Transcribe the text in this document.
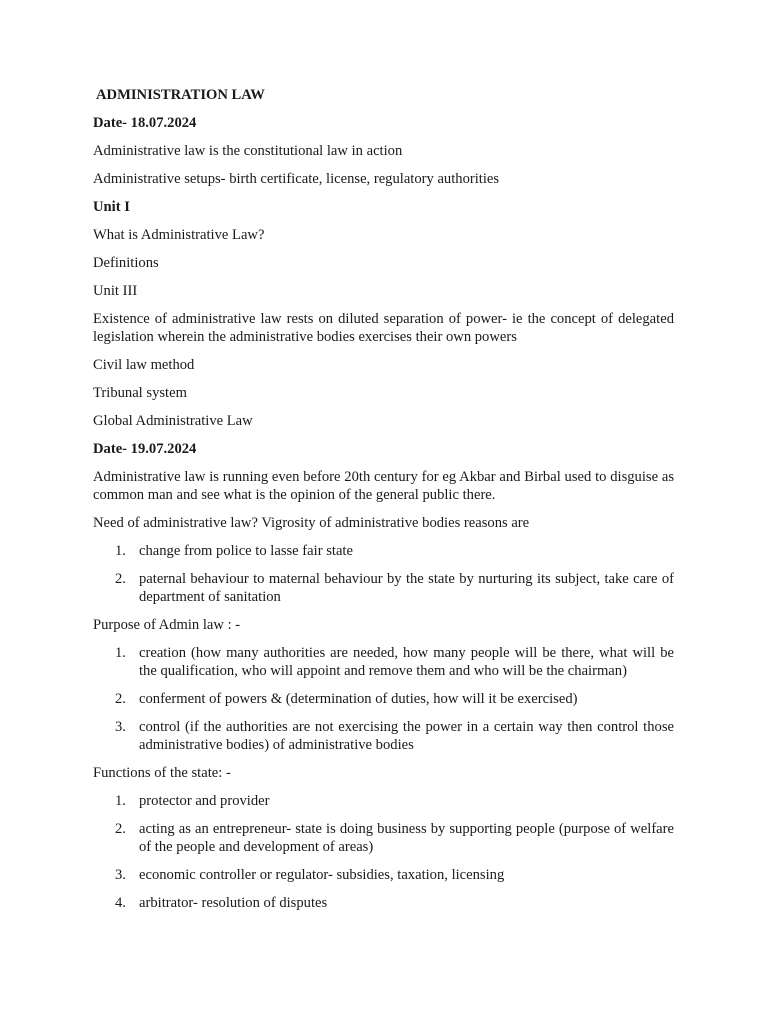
ADMINISTRATION LAW
Date- 18.07.2024
Administrative law is the constitutional law in action
Administrative setups- birth certificate, license, regulatory authorities
Unit I
What is Administrative Law?
Definitions
Unit III
Existence of administrative law rests on diluted separation of power- ie the concept of delegated legislation wherein the administrative bodies exercises their own powers
Civil law method
Tribunal system
Global Administrative Law
Date- 19.07.2024
Administrative law is running even before 20th century for eg Akbar and Birbal used to disguise as common man and see what is the opinion of the general public there.
Need of administrative law? Vigrosity of administrative bodies reasons are
1. change from police to lasse fair state
2. paternal behaviour to maternal behaviour by the state by nurturing its subject, take care of department of sanitation
Purpose of Admin law : -
1. creation (how many authorities are needed, how many people will be there, what will be the qualification, who will appoint and remove them and who will be the chairman)
2. conferment of powers & (determination of duties, how will it be exercised)
3. control (if the authorities are not exercising the power in a certain way then control those administrative bodies) of administrative bodies
Functions of the state: -
1. protector and provider
2. acting as an entrepreneur- state is doing business by supporting people (purpose of welfare of the people and development of areas)
3. economic controller or regulator- subsidies, taxation, licensing
4. arbitrator- resolution of disputes
